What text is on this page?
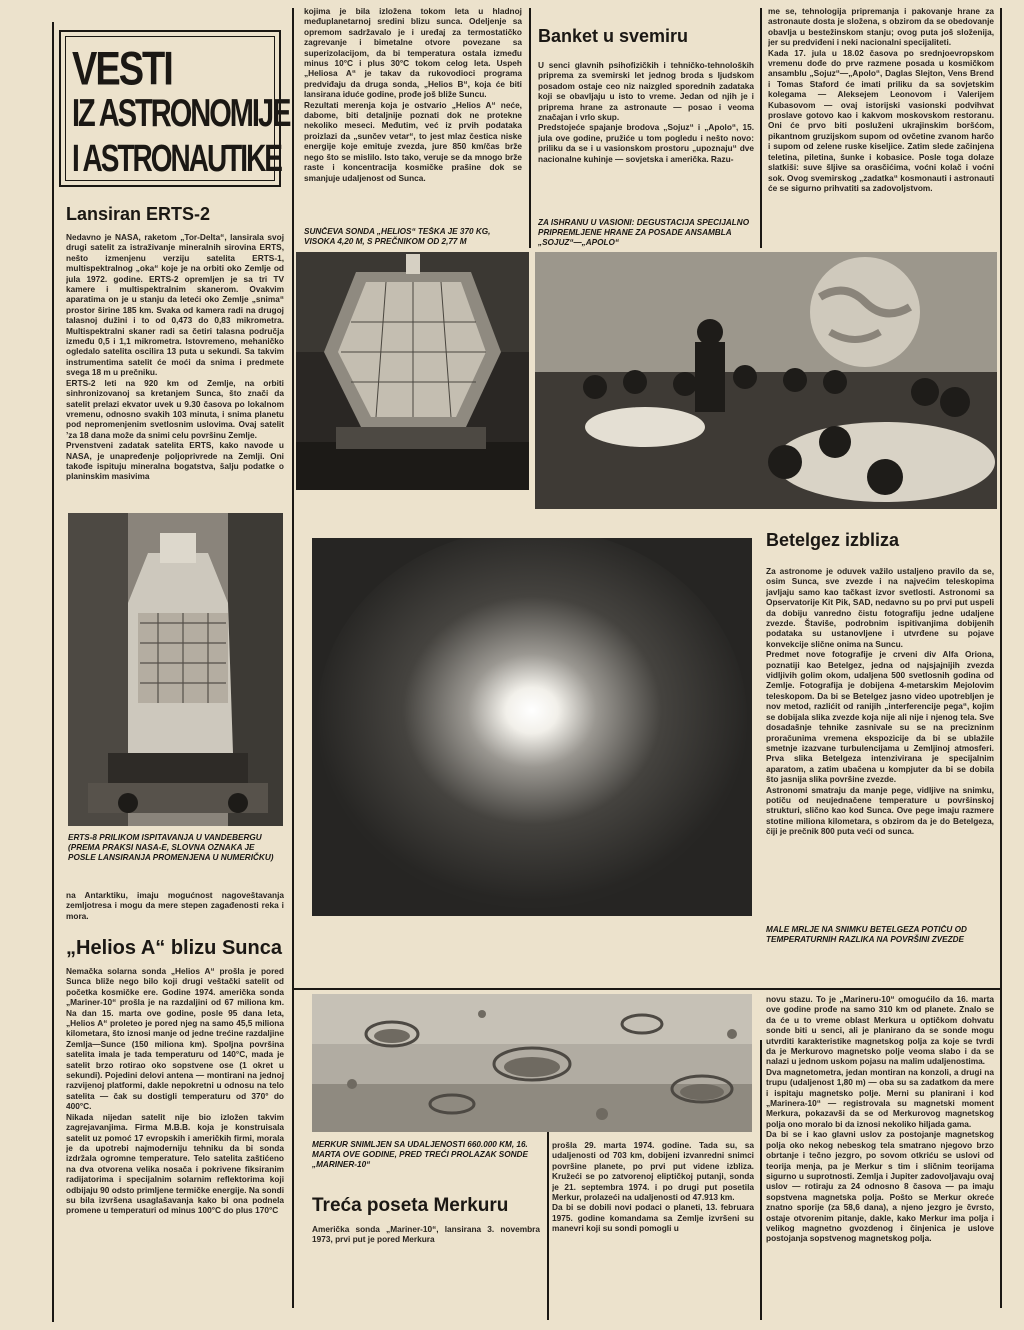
VESTI
IZ ASTRONOMIJE
I ASTRONAUTIKE
Lansiran ERTS-2
Nedavno je NASA, raketom „Tor-Delta“, lansirala svoj drugi satelit za istraživanje mineralnih sirovina ERTS, nešto izmenjenu verziju satelita ERTS-1, multispektralnog „oka“ koje je na orbiti oko Zemlje od jula 1972. godine. ERTS-2 opremljen je sa tri TV kamere i multispektralnim skanerom. Ovakvim aparatima on je u stanju da leteći oko Zemlje „snima“ prostor širine 185 km. Svaka od kamera radi na drugoj talasnoj dužini i to od 0,473 do 0,83 mikrometra. Multispektralni skaner radi sa četiri talasna područja između 0,5 i 1,1 mikrometra. Istovremeno, mehaničko ogledalo satelita oscilira 13 puta u sekundi. Sa takvim instrumentima satelit će moći da snima i predmete svega 18 m u prečniku.
ERTS-2 leti na 920 km od Zemlje, na orbiti sinhronizovanoj sa kretanjem Sunca, što znači da satelit prelazi ekvator uvek u 9.30 časova po lokalnom vremenu, odnosno svakih 103 minuta, i snima planetu pod nepromenjenim svetlosnim uslovima. Ovaj satelit ’za 18 dana može da snimi celu površinu Zemlje.
Prvenstveni zadatak satelita ERTS, kako navode u NASA, je unapređenje poljoprivrede na Zemlji. Oni takođe ispituju mineralna bogatstva, šalju podatke o planinskim masivima
ERTS-8 PRILIKOM ISPITAVANJA U VANDEBERGU (PREMA PRAKSI NASA-E, SLOVNA OZNAKA JE POSLE LANSIRANJA PROMENJENA U NUMERIČKU)
na Antarktiku, imaju mogućnost nagoveštavanja zemljotresa i mogu da mere stepen zagađenosti reka i mora.
„Helios A“ blizu Sunca
Nemačka solarna sonda „Helios A“ prošla je pored Sunca bliže nego bilo koji drugi veštački satelit od početka kosmičke ere. Godine 1974. američka sonda „Mariner-10“ prošla je na razdaljini od 67 miliona km. Na dan 15. marta ove godine, posle 95 dana leta, „Helios A“ proleteo je pored njeg na samo 45,5 miliona kilometara, što iznosi manje od jedne trećine razdaljine Zemlja—Sunce (150 miliona km). Spoljna površina satelita imala je tada temperaturu od 140°C, mada je satelit brzo rotirao oko sopstvene ose (1 okret u sekundi). Pojedini delovi antena — montirani na jednoj razvijenoj platformi, dakle nepokretni u odnosu na telo satelita — čak su dostigli temperaturu od 370° do 400°C.
Nikada nijedan satelit nije bio izložen takvim zagrejavanjima. Firma M.B.B. koja je konstruisala satelit uz pomoć 17 evropskih i američkih firmi, morala je da upotrebi najmoderniju tehniku da bi sonda izdržala ogromne temperature. Telo satelita zaštićeno na dva otvorena velika nosača i pokrivene fiksiranim radijatorima i specijalnim solarnim reflektorima koji odbijaju 90 odsto primljene termičke energije. Na sondi su bila izvršena usaglašavanja kako bi ona podnela promene u temperaturi od minus 100°C do plus 170°C
kojima je bila izložena tokom leta u hladnoj međuplanetarnoj sredini blizu sunca. Odeljenje sa opremom sadržavalo je i uređaj za termostatičko zagrevanje i bimetalne otvore povezane sa superizolacijom, da bi temperatura ostala između minus 10°C i plus 30°C tokom celog leta. Uspeh „Heliosa A“ je takav da rukovodioci programa predviđaju da druga sonda, „Helios B“, koja će biti lansirana iduće godine, prođe još bliže Suncu.
Rezultati merenja koja je ostvario „Helios A“ neće, dabome, biti detaljnije poznati dok ne protekne nekoliko meseci. Međutim, već iz prvih podataka proizlazi da „sunčev vetar“, to jest mlaz čestica niske energije koje emituje zvezda, jure 850 km/čas brže nego što se mislilo. Isto tako, veruje se da mnogo brže raste i koncentracija kosmičke prašine dok se smanjuje udaljenost od Sunca.
SUNČEVA SONDA „HELIOS“ TEŠKA JE 370 KG, VISOKA 4,20 M, S PREČNIKOM OD 2,77 M
Banket u svemiru
U senci glavnih psihofizičkih i tehničko-tehnoloških priprema za svemirski let jednog broda s ljudskom posadom ostaje ceo niz naizgled sporednih zadataka koji se obavljaju u isto to vreme. Jedan od njih je i priprema hrane za astronaute — posao i veoma značajan i vrlo skup.
Predstojeće spajanje brodova „Sojuz“ i „Apolo“, 15. jula ove godine, pružiće u tom pogledu i nešto novo: priliku da se i u vasionskom prostoru „upoznaju“ dve nacionalne kuhinje — sovjetska i američka. Razu-
ZA ISHRANU U VASIONI: DEGUSTACIJA SPECIJALNO PRIPREMLJENE HRANE ZA POSADE ANSAMBLA „SOJUZ“—„APOLO“
me se, tehnologija pripremanja i pakovanje hrane za astronaute dosta je složena, s obzirom da se obedovanje obavlja u bestežinskom stanju; ovog puta još složenija, jer su predviđeni i neki nacionalni specijaliteti.
Kada 17. jula u 18.02 časova po srednjoevropskom vremenu dođe do prve razmene posada u kosmičkom ansamblu „Sojuz“—„Apolo“, Daglas Slejton, Vens Brend i Tomas Staford će imati priliku da sa sovjetskim kolegama — Aleksejem Leonovom i Valerijem Kubasovom — ovaj istorijski vasionski podvihvat proslave gotovo kao i kakvom moskovskom restoranu. Oni će prvo biti posluženi ukrajinskim boršćom, pikantnom gruzijskom supom od ovčetine zvanom harčo i supom od zelene ruske kiseljice. Zatim slede začinjena teletina, piletina, šunke i kobasice. Posle toga dolaze slatkiši: suve šljive sa orasčićima, voćni kolač i voćni sok. Ovog svemirskog „zadatka“ kosmonauti i astronauti će se sigurno prihvatiti sa zadovoljstvom.
Betelgez izbliza
Za astronome je oduvek važilo ustaljeno pravilo da se, osim Sunca, sve zvezde i na najvećim teleskopima javljaju samo kao tačkast izvor svetlosti. Astronomi sa Opservatorije Kit Pik, SAD, nedavno su po prvi put uspeli da dobiju vanredno čistu fotografiju jedne udaljene zvezde. Štaviše, podrobnim ispitivanjima dobijenih podataka su ustanovljene i utvrđene su pojave konvekcije slične onima na Suncu.
Predmet nove fotografije je crveni div Alfa Oriona, poznatiji kao Betelgez, jedna od najsjajnijih zvezda vidljivih golim okom, udaljena 500 svetlosnih godina od Zemlje. Fotografija je dobijena 4-metarskim Mejolovim teleskopom. Da bi se Betelgez jasno video upotrebljen je nov metod, razlićit od ranijih „interferencije pega“, kojim se dobijala slika zvezde koja nije ali nije i njenog tela. Sve dosadašnje tehnike zasnivale su se na precizninm proračunima vremena ekspozicije da bi se ublažile smetnje izazvane turbulencijama u Zemljinoj atmosferi. Prva slika Betelgeza intenzivirana je specijalnim aparatom, a zatim ubačena u kompjuter da bi se dobila što jasnija slika površine zvezde.
Astronomi smatraju da manje pege, vidljive na snimku, potiču od neujednačene temperature u površinskoj strukturi, slično kao kod Sunca. Ove pege imaju razmere stotine miliona kilometara, s obzirom da je do Betelgeza, čiji je prečnik 800 puta veći od sunca.
MALE MRLJE NA SNIMKU BETELGEZA POTIČU OD TEMPERATURNIH RAZLIKA NA POVRŠINI ZVEZDE
MERKUR SNIMLJEN SA UDALJENOSTI 660.000 KM, 16. MARTA OVE GODINE, PRED TREĆI PROLAZAK SONDE „MARINER-10“
Treća poseta Merkuru
Američka sonda „Mariner-10“, lansirana 3. novembra 1973, prvi put je pored Merkura
prošla 29. marta 1974. godine. Tada su, sa udaljenosti od 703 km, dobijeni izvanredni snimci površine planete, po prvi put videne izbliza. Kružeći se po zatvorenoj eliptičkoj putanji, sonda je 21. septembra 1974. i po drugi put posetila Merkur, prolazeći na udaljenosti od 47.913 km.
Da bi se dobili novi podaci o planeti, 13. februara 1975. godine komandama sa Zemlje izvršeni su manevri koji su sondi pomogli u
novu stazu. To je „Marineru-10“ omogućilo da 16. marta ove godine prođe na samo 310 km od planete. Znalo se da će u to vreme oblast Merkura u optičkom dohvatu sonde biti u senci, ali je planirano da se sonde mogu utvrditi karakteristike magnetskog polja za koje se tvrdi da je Merkurovo magnetsko polje veoma slabo i da se nalazi u jednom uskom pojasu na malim udaljenostima.
Dva magnetometra, jedan montiran na konzoli, a drugi na trupu (udaljenost 1,80 m) — oba su sa zadatkom da mere i ispitaju magnetsko polje. Merni su planirani i kod „Marinera-10“ — registrovala su magnetski moment Merkura, pokazavši da se od Merkurovog magnetskog polja ono moralo bi da iznosi nekoliko hiljada gama.
Da bi se i kao glavni uslov za postojanje magnetskog polja oko nekog nebeskog tela smatrano njegovo brzo obrtanje i tečno jezgro, po sovom otkriću se uslovi od teorija menja, pa je Merkur s tim i sličnim teorijama sigurno u suprotnosti. Zemlja i Jupiter zadovoljavaju ovaj uslov — rotiraju za 24 odnosno 8 časova — pa imaju sopstvena magnetska polja. Pošto se Merkur okreće znatno sporije (za 58,6 dana), a njeno jezgro je čvrsto, ostaje otvorenim pitanje, dakle, kako Merkur ima polja i velikog magnetno gvozdenog i činjenica je uslove postojanja sopstvenog magnetskog polja.
